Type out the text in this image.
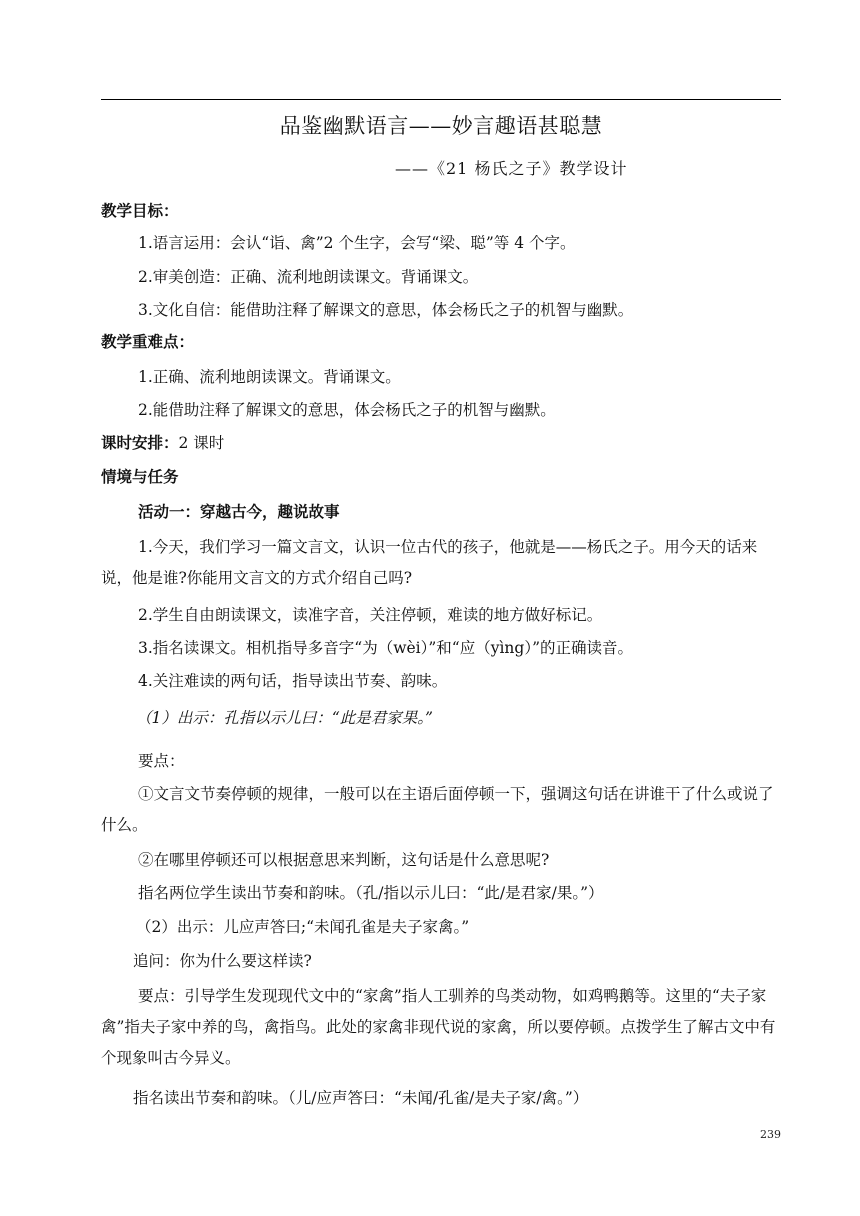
品鉴幽默语言——妙言趣语甚聪慧
——《21 杨氏之子》教学设计
教学目标：
1.语言运用：会认“诣、禽”2 个生字，会写“梁、聪”等 4 个字。
2.审美创造：正确、流利地朗读课文。背诵课文。
3.文化自信：能借助注释了解课文的意思，体会杨氏之子的机智与幽默。
教学重难点：
1.正确、流利地朗读课文。背诵课文。
2.能借助注释了解课文的意思，体会杨氏之子的机智与幽默。
课时安排：2 课时
情境与任务
活动一：穿越古今，趣说故事
1.今天，我们学习一篇文言文，认识一位古代的孩子，他就是——杨氏之子。用今天的话来说，他是谁?你能用文言文的方式介绍自己吗?
2.学生自由朗读课文，读准字音，关注停顿，难读的地方做好标记。
3.指名读课文。相机指导多音字“为（wèi）”和“应（yìng）”的正确读音。
4.关注难读的两句话，指导读出节奏、韵味。
（1）出示：孔指以示儿曰：“此是君家果。”
要点：
①文言文节奏停顿的规律，一般可以在主语后面停顿一下，强调这句话在讲谁干了什么或说了什么。
②在哪里停顿还可以根据意思来判断，这句话是什么意思呢?
指名两位学生读出节奏和韵味。（孔/指以示儿曰：“此/是君家/果。”）
（2）出示：儿应声答曰;“未闻孔雀是夫子家禽。”
追问：你为什么要这样读?
要点：引导学生发现现代文中的“家禽”指人工驯养的鸟类动物，如鸡鸭鹅等。这里的“夫子家禽”指夫子家中养的鸟，禽指鸟。此处的家禽非现代说的家禽，所以要停顿。点拨学生了解古文中有个现象叫古今异义。
指名读出节奏和韵味。（儿/应声答曰：“未闻/孔雀/是夫子家/禽。”）
239
